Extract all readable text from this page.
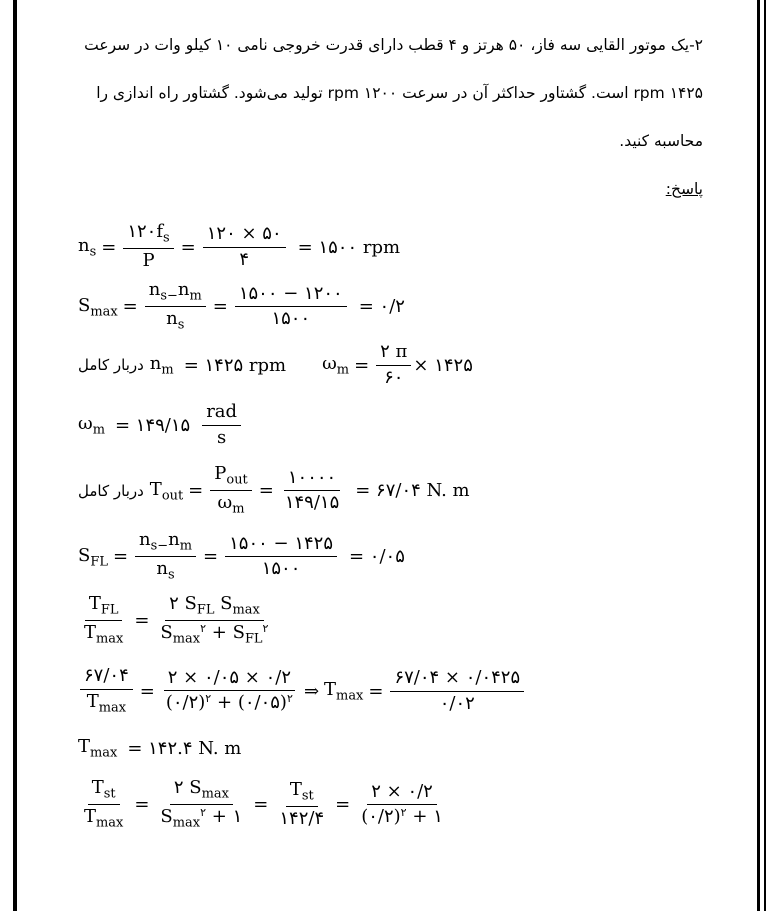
۲-یک موتور القایی سه فاز، ۵۰ هرتز و ۴ قطب دارای قدرت خروجی نامی ۱۰ کیلو وات در سرعت
۱۴۲۵ rpm است. گشتاور حداکثر آن در سرعت ۱۲۰۰ rpm تولید می‌شود. گشتاور راه اندازی را
محاسبه کنید.
پاسخ:
$n_s = \frac{۱۲۰f_s}{P} = \frac{۱۲۰ \times ۵۰}{۴}$ = ۱۵۰۰ rpm
$S_{max} = \frac{n_{s-}n_m}{n_s} = \frac{۱۵۰۰ - ۱۲۰۰}{۱۵۰۰}$ = ۰/۲
دربار کامل $n_m$ = ۱۴۲۵ rpm $\omega_m = \frac{۲ \pi}{۶۰}$ × ۱۴۲۵
$\omega_m$ = ۱۴۹/۱۵ $\frac{\text{rad}}{s}$
دربار کامل $T_{out} = \frac{P_{out}}{\omega_m} = \frac{۱۰۰۰۰}{۱۴۹/۱۵}$ = ۶۷/۰۴ N. m
$S_{FL} = \frac{n_{s-}n_m}{n_s} = \frac{۱۵۰۰ - ۱۴۲۵}{۱۵۰۰}$ = ۰/۰۵
$\frac{T_{FL}}{T_{max}} = \frac{۲ S_{FL} S_{max}}{S_{max}^۲ + S_{FL}^۲}$
$\frac{۶۷/۰۴}{T_{max}} = \frac{۲ \times ۰/۰۵ \times ۰/۲}{(۰/۲)^۲ + (۰/۰۵)^۲}$ ⇒ $T_{max} = \frac{۶۷/۰۴ \times ۰/۰۴۲۵}{۰/۰۲}$
$T_{max}$ = ۱۴۲.۴ N. m
$\frac{T_{st}}{T_{max}} = \frac{۲ S_{max}}{S_{max}^۲ + ۱} = \frac{T_{st}}{۱۴۲/۴} = \frac{۲ \times ۰/۲}{(۰/۲)^۲ + ۱}$
